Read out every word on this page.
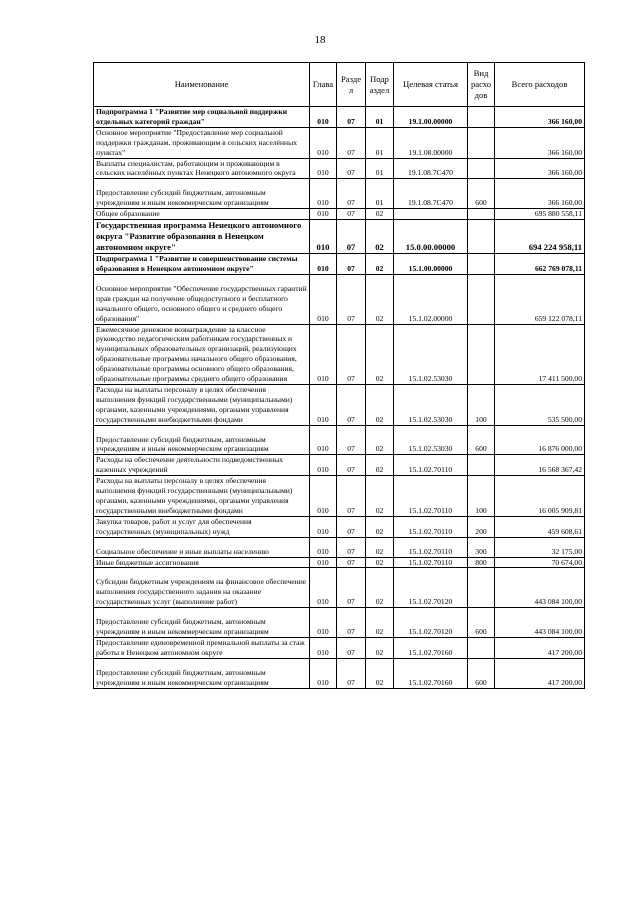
18
Наименование	Глава	Разде л	Подр аздел	Целевая статья	Вид расхо дов	Всего расходов
Подпрограмма 1 "Развитие мер социальной поддержки отдельных категорий граждан"	010	07	01	19.1.00.00000		366 160,00
Основное мероприятие "Предоставление мер социальной поддержки гражданам, проживающим в сельских населённых пунктах"	010	07	01	19.1.08.00000		366 160,00
Выплаты специалистам, работающим и проживающим в сельских населённых пунктах Ненецкого автономного округа	010	07	01	19.1.08.7С470		366 160,00
Предоставление субсидий бюджетным, автономным учреждениям и иным некоммерческим организациям	010	07	01	19.1.08.7С470	600	366 160,00
Общее образование	010	07	02			695 880 558,11
Государственная программа Ненецкого автономного округа "Развитие образования в Ненецком автономном округе"	010	07	02	15.0.00.00000		694 224 958,11
Подпрограмма 1 "Развитие и совершенствование системы образования в Ненецком автономном округе"	010	07	02	15.1.00.00000		662 769 078,11
Основное мероприятие "Обеспечение государственных гарантий прав граждан на получение общедоступного и бесплатного начального общего, основного общего и среднего общего образования"	010	07	02	15.1.02.00000		659 122 078,11
Ежемесячное денежное вознаграждение за классное руководство педагогическим работникам государственных и муниципальных образовательных организаций, реализующих образовательные программы начального общего образования, образовательные программы основного общего образования, образовательные программы среднего общего образования	010	07	02	15.1.02.53030		17 411 500,00
Расходы на выплаты персоналу в целях обеспечения выполнения функций государственными (муниципальными) органами, казенными учреждениями, органами управления государственными внебюджетными фондами	010	07	02	15.1.02.53030	100	535 500,00
Предоставление субсидий бюджетным, автономным учреждениям и иным некоммерческим организациям	010	07	02	15.1.02.53030	600	16 876 000,00
Расходы на обеспечение деятельности подведомственных казенных учреждений	010	07	02	15.1.02.70110		16 568 367,42
Расходы на выплаты персоналу в целях обеспечения выполнения функций государственными (муниципальными) органами, казенными учреждениями, органами управления государственными внебюджетными фондами	010	07	02	15.1.02.70110	100	16 005 909,81
Закупка товаров, работ и услуг для обеспечения государственных (муниципальных) нужд	010	07	02	15.1.02.70110	200	459 608,61
Социальное обеспечение и иные выплаты населению	010	07	02	15.1.02.70110	300	32 175,00
Иные бюджетные ассигнования	010	07	02	15.1.02.70110	800	70 674,00
Субсидии бюджетным учреждениям на финансовое обеспечение выполнения государственного задания на оказание государственных услуг (выполнение работ)	010	07	02	15.1.02.70120		443 084 100,00
Предоставление субсидий бюджетным, автономным учреждениям и иным некоммерческим организациям	010	07	02	15.1.02.70120	600	443 084 100,00
Предоставление единовременной премиальной выплаты за стаж работы в Ненецком автономном округе	010	07	02	15.1.02.70160		417 200,00
Предоставление субсидий бюджетным, автономным учреждениям и иным некоммерческим организациям	010	07	02	15.1.02.70160	600	417 200,00
